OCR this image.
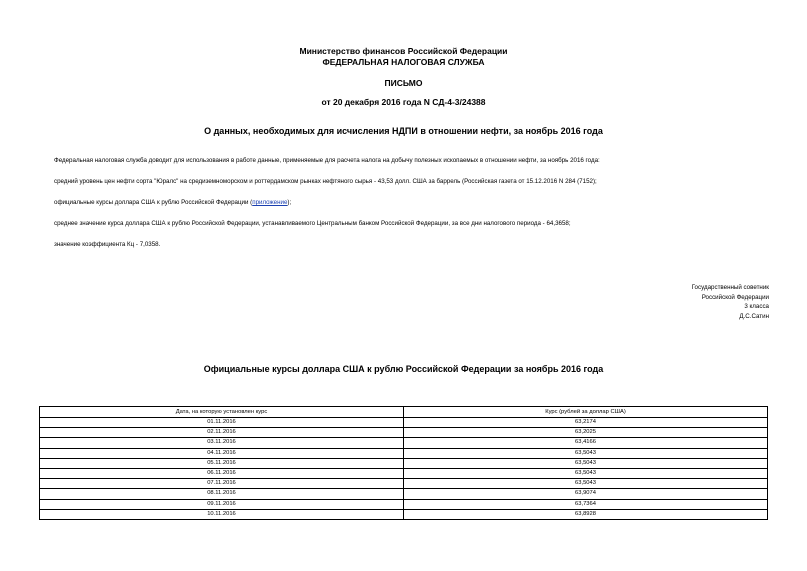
Министерство финансов Российской Федерации
ФЕДЕРАЛЬНАЯ НАЛОГОВАЯ СЛУЖБА
ПИСЬМО
от 20 декабря 2016 года N СД-4-3/24388
О данных, необходимых для исчисления НДПИ в отношении нефти, за ноябрь 2016 года
Федеральная налоговая служба доводит для использования в работе данные, применяемые для расчета налога на добычу полезных ископаемых в отношении нефти, за ноябрь 2016 года:
средний уровень цен нефти сорта "Юралс" на средиземноморском и роттердамском рынках нефтяного сырья - 43,53 долл. США за баррель (Российская газета от 15.12.2016 N 284 (7152);
официальные курсы доллара США к рублю Российской Федерации (приложение);
среднее значение курса доллара США к рублю Российской Федерации, устанавливаемого Центральным банком Российской Федерации, за все дни налогового периода - 64,3658;
значение коэффициента Кц - 7,0358.
Государственный советник
Российской Федерации
3 класса
Д.С.Сатин
Официальные курсы доллара США к рублю Российской Федерации за ноябрь 2016 года
Дата, на которую установлен курс	Курс (рублей за доллар США)
01.11.2016	63,2174
02.11.2016	63,2025
03.11.2016	63,4166
04.11.2016	63,5043
05.11.2016	63,5043
06.11.2016	63,5043
07.11.2016	63,5043
08.11.2016	63,9074
09.11.2016	63,7364
10.11.2016	63,8928
